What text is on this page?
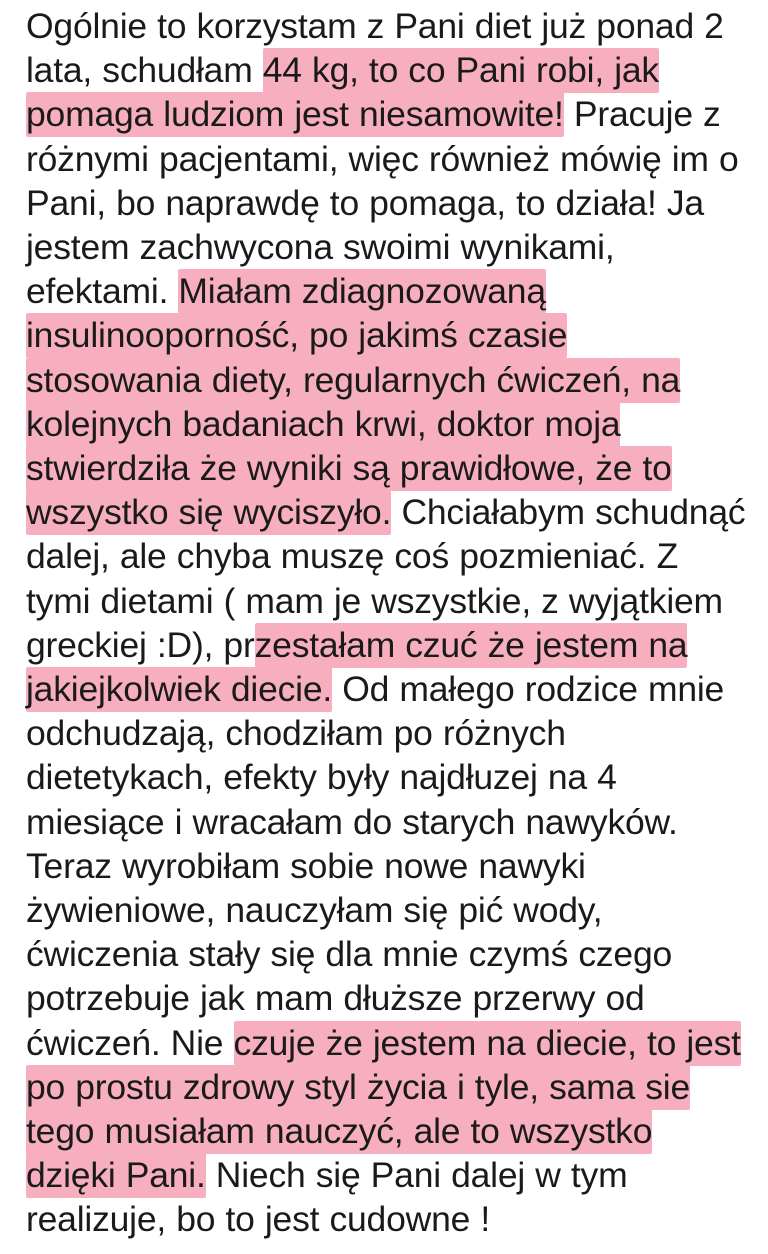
Ogólnie to korzystam z Pani diet już ponad 2 lata, schudłam 44 kg, to co Pani robi, jak pomaga ludziom jest niesamowite! Pracuje z różnymi pacjentami, więc również mówię im o Pani, bo naprawdę to pomaga, to działa! Ja jestem zachwycona swoimi wynikami, efektami. Miałam zdiagnozowaną insulinooporność, po jakimś czasie stosowania diety, regularnych ćwiczeń, na kolejnych badaniach krwi, doktor moja stwierdziła że wyniki są prawidłowe, że to wszystko się wyciszyło. Chciałabym schudnąć dalej, ale chyba muszę coś pozmieniać. Z tymi dietami ( mam je wszystkie, z wyjątkiem greckiej :D), przestałam czuć że jestem na jakiejkolwiek diecie. Od małego rodzice mnie odchudzają, chodziłam po różnych dietetykach, efekty były najdłuzej na 4 miesiące i wracałam do starych nawyków. Teraz wyrobiłam sobie nowe nawyki żywieniowe, nauczyłam się pić wody, ćwiczenia stały się dla mnie czymś czego potrzebuje jak mam dłuższe przerwy od ćwiczeń. Nie czuje że jestem na diecie, to jest po prostu zdrowy styl życia i tyle, sama sie tego musiałam nauczyć, ale to wszystko dzięki Pani. Niech się Pani dalej w tym realizuje, bo to jest cudowne !
